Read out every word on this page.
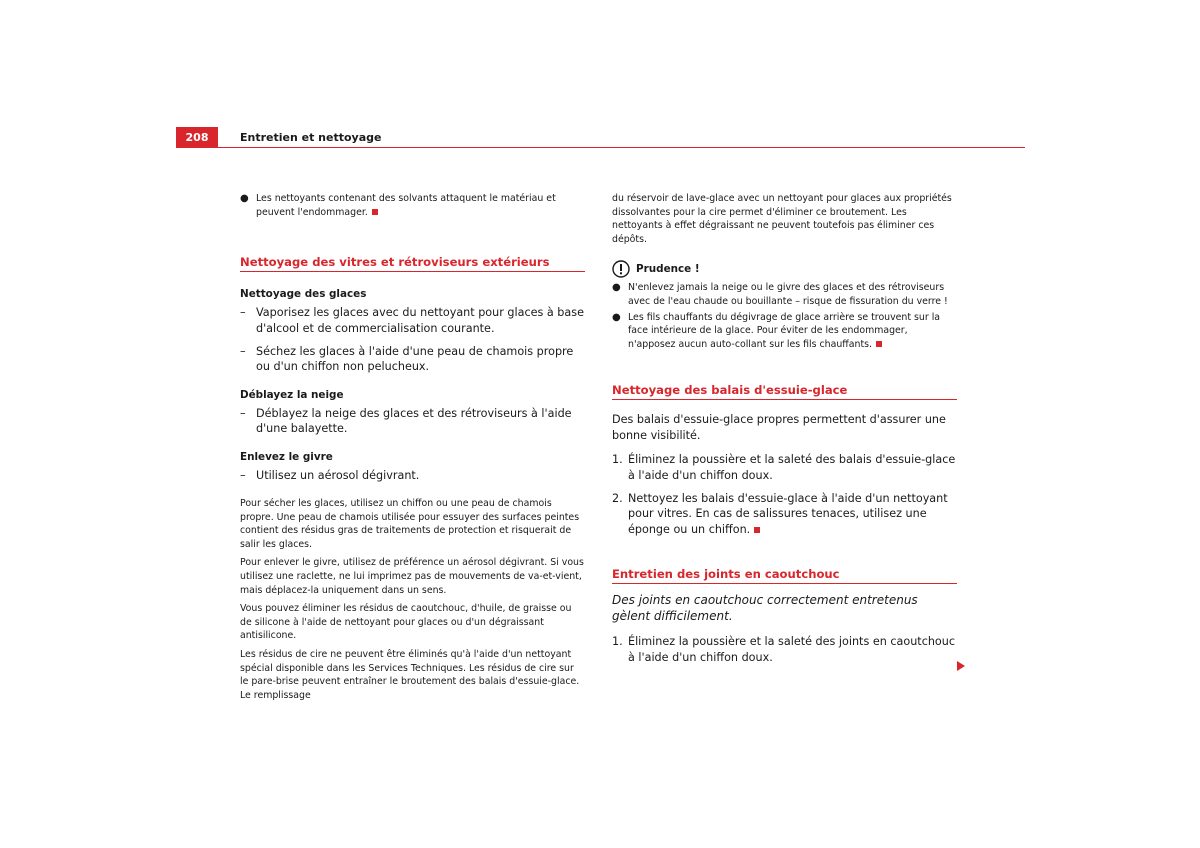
208	Entretien et nettoyage

● Les nettoyants contenant des solvants attaquent le matériau et peuvent l'endommager.

Nettoyage des vitres et rétroviseurs extérieurs
Nettoyage des glaces

– Vaporisez les glaces avec du nettoyant pour glaces à base d'alcool et de commercialisation courante.

– Séchez les glaces à l'aide d'une peau de chamois propre ou d'un chiffon non pelucheux.

Déblayez la neige

– Déblayez la neige des glaces et des rétroviseurs à l'aide d'une balayette.

Enlevez le givre

– Utilisez un aérosol dégivrant.

Pour sécher les glaces, utilisez un chiffon ou une peau de chamois propre. Une peau de chamois utilisée pour essuyer des surfaces peintes contient des résidus gras de traitements de protection et risquerait de salir les glaces.

Pour enlever le givre, utilisez de préférence un aérosol dégivrant. Si vous utilisez une raclette, ne lui imprimez pas de mouvements de va-et-vient, mais déplacez-la uniquement dans un sens.

Vous pouvez éliminer les résidus de caoutchouc, d'huile, de graisse ou de silicone à l'aide de nettoyant pour glaces ou d'un dégraissant antisilicone.

Les résidus de cire ne peuvent être éliminés qu'à l'aide d'un nettoyant spécial disponible dans les Services Techniques. Les résidus de cire sur le pare-brise peuvent entraîner le broutement des balais d'essuie-glace. Le remplissage

du réservoir de lave-glace avec un nettoyant pour glaces aux propriétés dissolvantes pour la cire permet d'éliminer ce broutement. Les nettoyants à effet dégraissant ne peuvent toutefois pas éliminer ces dépôts.

Prudence !

● N'enlevez jamais la neige ou le givre des glaces et des rétroviseurs avec de l'eau chaude ou bouillante – risque de fissuration du verre !

● Les fils chauffants du dégivrage de glace arrière se trouvent sur la face intérieure de la glace. Pour éviter de les endommager, n'apposez aucun auto-collant sur les fils chauffants.

Nettoyage des balais d'essuie-glace

Des balais d'essuie-glace propres permettent d'assurer une bonne visibilité.

1. Éliminez la poussière et la saleté des balais d'essuie-glace à l'aide d'un chiffon doux.

2. Nettoyez les balais d'essuie-glace à l'aide d'un nettoyant pour vitres. En cas de salissures tenaces, utilisez une éponge ou un chiffon.

Entretien des joints en caoutchouc

Des joints en caoutchouc correctement entretenus gèlent difficilement.

1. Éliminez la poussière et la saleté des joints en caoutchouc à l'aide d'un chiffon doux.
